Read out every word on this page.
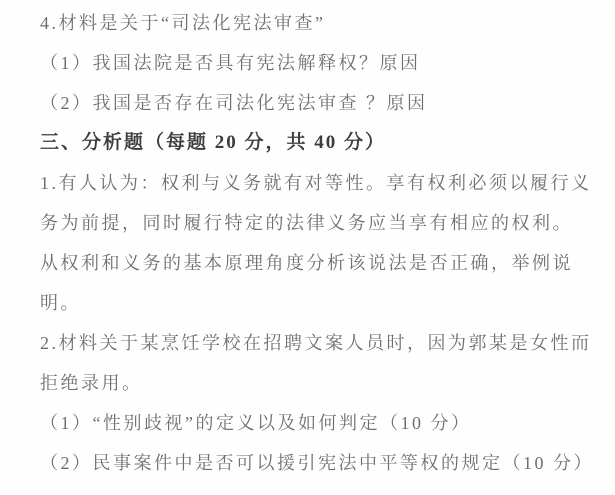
4.材料是关于“司法化宪法审查”
（1）我国法院是否具有宪法解释权？原因
（2）我国是否存在司法化宪法审查 ？原因
三、分析题（每题 20 分，共 40 分）
1.有人认为：权利与义务就有对等性。享有权利必须以履行义
务为前提，同时履行特定的法律义务应当享有相应的权利。
从权利和义务的基本原理角度分析该说法是否正确，举例说
明。
2.材料关于某烹饪学校在招聘文案人员时，因为郭某是女性而
拒绝录用。
（1）“性别歧视”的定义以及如何判定（10 分）
（2）民事案件中是否可以援引宪法中平等权的规定（10 分）
